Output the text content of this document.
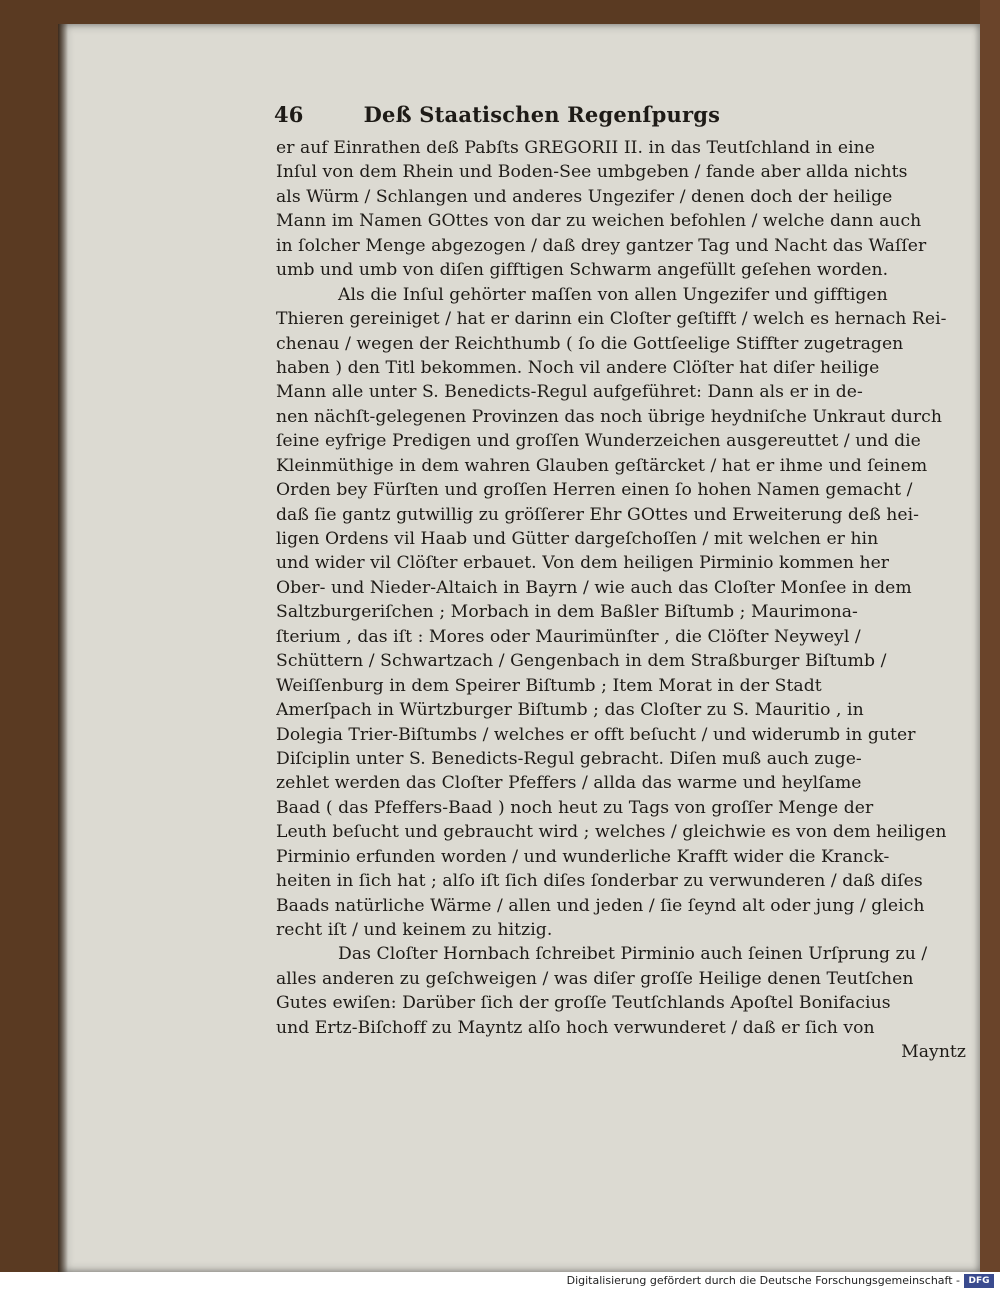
46	Deß Staatischen Regenſpurgs
er auf Einrathen deß Pabſts GREGORII II. in das Teutſchland in eine
Inſul von dem Rhein und Boden-See umbgeben / fande aber allda nichts
als Würm / Schlangen und anderes Ungezifer / denen doch der heilige
Mann im Namen GOttes von dar zu weichen befohlen / welche dann auch
in ſolcher Menge abgezogen / daß drey gantzer Tag und Nacht das Waſſer
umb und umb von diſen gifftigen Schwarm angefüllt geſehen worden.
Als die Inſul gehörter maſſen von allen Ungezifer und gifftigen
Thieren gereiniget / hat er darinn ein Cloſter geſtifft / welch es hernach Rei-
chenau / wegen der Reichthumb ( ſo die Gottſeelige Stiffter zugetragen
haben ) den Titl bekommen. Noch vil andere Clöſter hat diſer heilige
Mann alle unter S. Benedicts-Regul aufgeführet: Dann als er in de-
nen nächſt-gelegenen Provinzen das noch übrige heydniſche Unkraut durch
ſeine eyfrige Predigen und groſſen Wunderzeichen ausgereuttet / und die
Kleinmüthige in dem wahren Glauben geſtärcket / hat er ihme und ſeinem
Orden bey Fürſten und groſſen Herren einen ſo hohen Namen gemacht /
daß ſie gantz gutwillig zu gröſſerer Ehr GOttes und Erweiterung deß hei-
ligen Ordens vil Haab und Gütter dargeſchoſſen / mit welchen er hin
und wider vil Clöſter erbauet. Von dem heiligen Pirminio kommen her
Ober- und Nieder-Altaich in Bayrn / wie auch das Cloſter Monſee in dem
Saltzburgeriſchen ; Morbach in dem Baßler Biſtumb ; Maurimona-
ſterium , das iſt : Mores oder Maurimünſter , die Clöſter Neyweyl /
Schüttern / Schwartzach / Gengenbach in dem Straßburger Biſtumb /
Weiſſenburg in dem Speirer Biſtumb ; Item Morat in der Stadt
Amerſpach in Würtzburger Biſtumb ; das Cloſter zu S. Mauritio , in
Dolegia Trier-Biſtumbs / welches er offt beſucht / und widerumb in guter
Diſciplin unter S. Benedicts-Regul gebracht. Diſen muß auch zuge-
zehlet werden das Cloſter Pfeffers / allda das warme und heylſame
Baad ( das Pfeffers-Baad ) noch heut zu Tags von groſſer Menge der
Leuth beſucht und gebraucht wird ; welches / gleichwie es von dem heiligen
Pirminio erfunden worden / und wunderliche Krafft wider die Kranck-
heiten in ſich hat ; alſo iſt ſich diſes ſonderbar zu verwunderen / daß diſes
Baads natürliche Wärme / allen und jeden / ſie ſeynd alt oder jung / gleich
recht iſt / und keinem zu hitzig.
Das Cloſter Hornbach ſchreibet Pirminio auch ſeinen Urſprung zu /
alles anderen zu geſchweigen / was diſer groſſe Heilige denen Teutſchen
Gutes ewiſen: Darüber ſich der groſſe Teutſchlands Apoſtel Bonifacius
und Ertz-Biſchoff zu Mayntz alſo hoch verwunderet / daß er ſich von
Mayntz
Digitalisierung gefördert durch die Deutsche Forschungsgemeinschaft - DFG
